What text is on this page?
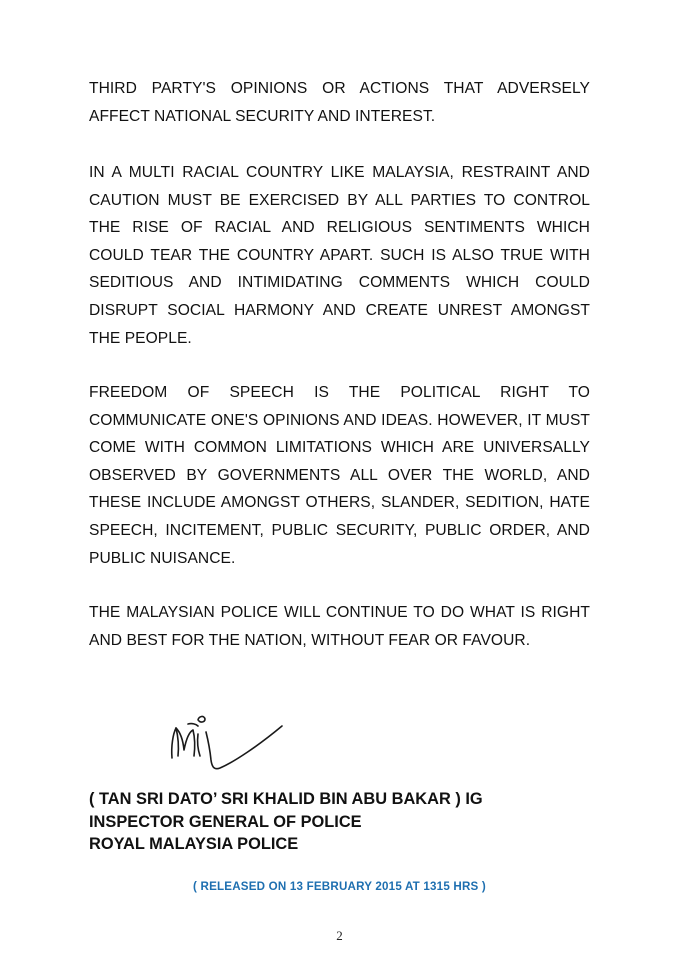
THIRD PARTY'S OPINIONS OR ACTIONS THAT ADVERSELY AFFECT NATIONAL SECURITY AND INTEREST.
IN A MULTI RACIAL COUNTRY LIKE MALAYSIA, RESTRAINT AND CAUTION MUST BE EXERCISED BY ALL PARTIES TO CONTROL THE RISE OF RACIAL AND RELIGIOUS SENTIMENTS WHICH COULD TEAR THE COUNTRY APART. SUCH IS ALSO TRUE WITH SEDITIOUS AND INTIMIDATING COMMENTS WHICH COULD DISRUPT SOCIAL HARMONY AND CREATE UNREST AMONGST THE PEOPLE.
FREEDOM OF SPEECH IS THE POLITICAL RIGHT TO COMMUNICATE ONE'S OPINIONS AND IDEAS. HOWEVER, IT MUST COME WITH COMMON LIMITATIONS WHICH ARE UNIVERSALLY OBSERVED BY GOVERNMENTS ALL OVER THE WORLD, AND THESE INCLUDE AMONGST OTHERS, SLANDER, SEDITION, HATE SPEECH, INCITEMENT, PUBLIC SECURITY, PUBLIC ORDER, AND PUBLIC NUISANCE.
THE MALAYSIAN POLICE WILL CONTINUE TO DO WHAT IS RIGHT AND BEST FOR THE NATION, WITHOUT FEAR OR FAVOUR.
( TAN SRI DATO’ SRI KHALID BIN ABU BAKAR ) IG
INSPECTOR GENERAL OF POLICE
ROYAL MALAYSIA POLICE
( RELEASED ON 13 FEBRUARY 2015 AT 1315 HRS )
2
